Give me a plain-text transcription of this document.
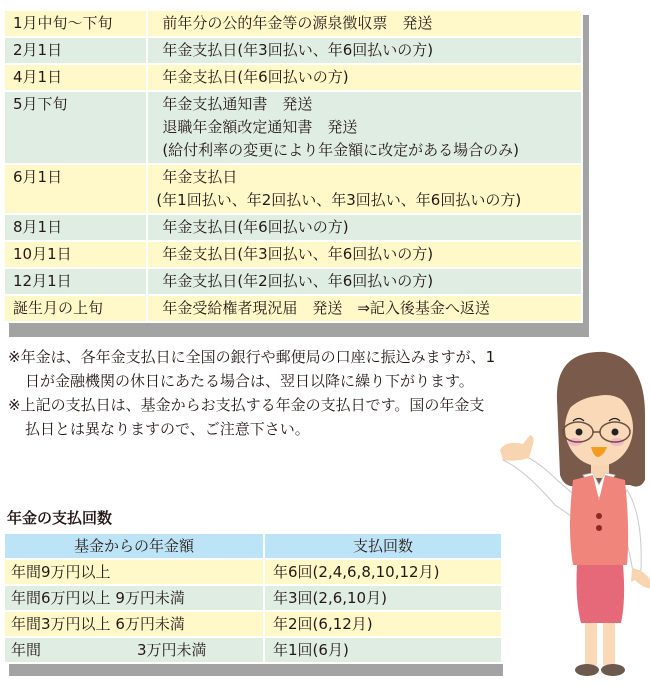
1月中旬～下旬	前年分の公的年金等の源泉徴収票　発送
2月1日	年金支払日(年3回払い、年6回払いの方)
4月1日	年金支払日(年6回払いの方)
5月下旬	年金支払通知書　発送
退職年金額改定通知書　発送
(給付利率の変更により年金額に改定がある場合のみ)

6月1日	年金支払日
(年1回払い、年2回払い、年3回払い、年6回払いの方)

8月1日	年金支払日(年6回払いの方)
10月1日	年金支払日(年3回払い、年6回払いの方)
12月1日	年金支払日(年2回払い、年6回払いの方)
誕生月の上旬	年金受給権者現況届　発送　⇒記入後基金へ返送
※年金は、各年金支払日に全国の銀行や郵便局の口座に振込みますが、1日が金融機関の休日にあたる場合は、翌日以降に繰り下がります。
※上記の支払日は、基金からお支払する年金の支払日です。国の年金支払日とは異なりますので、ご注意下さい。
年金の支払回数
基金からの年金額	支払回数
年間9万円以上	年6回(2,4,6,8,10,12月)
年間6万円以上 9万円未満	年3回(2,6,10月)
年間3万円以上 6万円未満	年2回(6,12月)
年間 3万円未満	年1回(6月)
